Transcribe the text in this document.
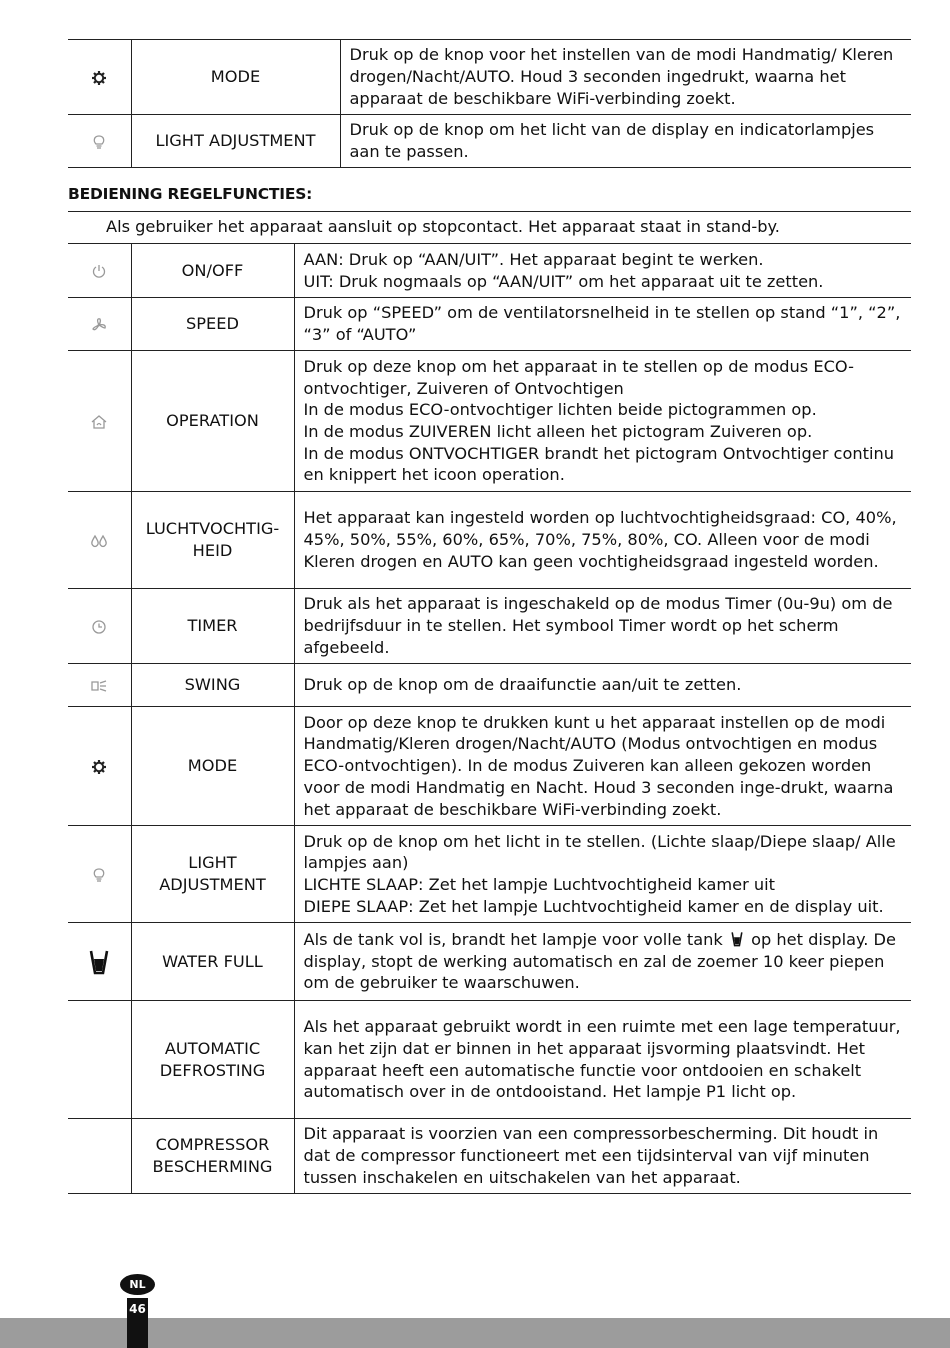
	MODE	Druk op de knop voor het instellen van de modi Handmatig/ Kleren drogen/Nacht/AUTO. Houd 3 seconden ingedrukt, waarna het apparaat de beschikbare WiFi-verbinding zoekt.
	LIGHT ADJUSTMENT	Druk op de knop om het licht van de display en indicatorlampjes aan te passen.
BEDIENING REGELFUNCTIES:
Als gebruiker het apparaat aansluit op stopcontact. Het apparaat staat in stand-by.
	ON/OFF	AAN: Druk op “AAN/UIT”. Het apparaat begint te werken.
UIT: Druk nogmaals op “AAN/UIT” om het apparaat uit te zetten.
	SPEED	Druk op “SPEED” om de ventilatorsnelheid in te stellen op stand “1”, “2”, “3” of “AUTO”
	OPERATION	Druk op deze knop om het apparaat in te stellen op de modus ECO-ontvochtiger, Zuiveren of Ontvochtigen
In de modus ECO-ontvochtiger lichten beide pictogrammen op.
In de modus ZUIVEREN licht alleen het pictogram Zuiveren op.
In de modus ONTVOCHTIGER brandt het pictogram Ontvochtiger continu en knippert het icoon operation.
	LUCHTVOCHTIG-
HEID	Het apparaat kan ingesteld worden op luchtvochtigheidsgraad: CO, 40%, 45%, 50%, 55%, 60%, 65%, 70%, 75%, 80%, CO. Alleen voor de modi Kleren drogen en AUTO kan geen vochtigheidsgraad ingesteld worden.
	TIMER	Druk als het apparaat is ingeschakeld op de modus Timer (0u-9u) om de bedrijfsduur in te stellen. Het symbool Timer wordt op het scherm afgebeeld.
	SWING	Druk op de knop om de draaifunctie aan/uit te zetten.
	MODE	Door op deze knop te drukken kunt u het apparaat instellen op de modi Handmatig/Kleren drogen/Nacht/AUTO (Modus ontvochtigen en modus ECO-ontvochtigen). In de modus Zuiveren kan alleen gekozen worden voor de modi Handmatig en Nacht. Houd 3 seconden inge-drukt, waarna het apparaat de beschikbare WiFi-verbinding zoekt.
	LIGHT
ADJUSTMENT	Druk op de knop om het licht in te stellen. (Lichte slaap/Diepe slaap/ Alle lampjes aan)
LICHTE SLAAP: Zet het lampje Luchtvochtigheid kamer uit
DIEPE SLAAP: Zet het lampje Luchtvochtigheid kamer en de display uit.
	WATER FULL	Als de tank vol is, brandt het lampje voor volle tank op het display. De display, stopt de werking automatisch en zal de zoemer 10 keer piepen om de gebruiker te waarschuwen.
	AUTOMATIC
DEFROSTING	Als het apparaat gebruikt wordt in een ruimte met een lage temperatuur, kan het zijn dat er binnen in het apparaat ijsvorming plaatsvindt. Het apparaat heeft een automatische functie voor ontdooien en schakelt automatisch over in de ontdooistand. Het lampje P1 licht op.
	COMPRESSOR
BESCHERMING	Dit apparaat is voorzien van een compressorbescherming. Dit houdt in dat de compressor functioneert met een tijdsinterval van vijf minuten tussen inschakelen en uitschakelen van het apparaat.
46
NL
